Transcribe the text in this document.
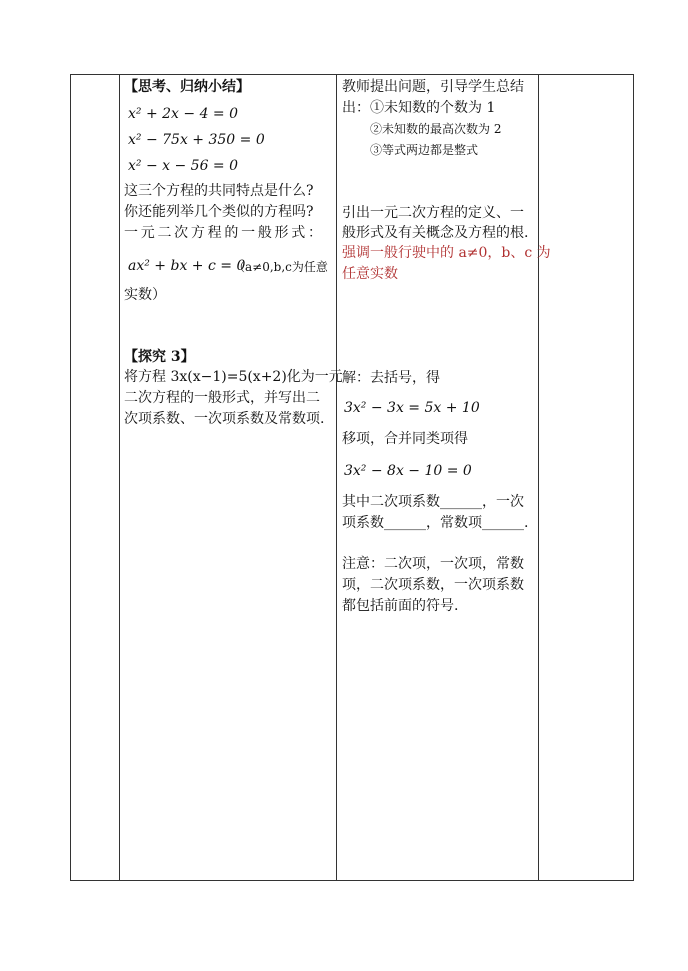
【思考、归纳小结】
x² + 2x − 4 = 0
x² − 75x + 350 = 0
x² − x − 56 = 0
这三个方程的共同特点是什么?
你还能列举几个类似的方程吗?
一元二次方程的一般形式：
ax² + bx + c = 0
（a≠0,b,c为任意
实数）
【探究 3】
将方程 3x(x−1)=5(x+2)化为一元
二次方程的一般形式，并写出二
次项系数、一次项系数及常数项.
教师提出问题，引导学生总结
出：①未知数的个数为 1
②未知数的最高次数为 2
③等式两边都是整式
引出一元二次方程的定义、一
般形式及有关概念及方程的根.
强调一般行驶中的 a≠0，b、c 为
任意实数
解：去括号，得
3x² − 3x = 5x + 10
移项，合并同类项得
3x² − 8x − 10 = 0
其中二次项系数______，一次
项系数______，常数项______.
注意：二次项，一次项，常数
项，二次项系数，一次项系数
都包括前面的符号.
